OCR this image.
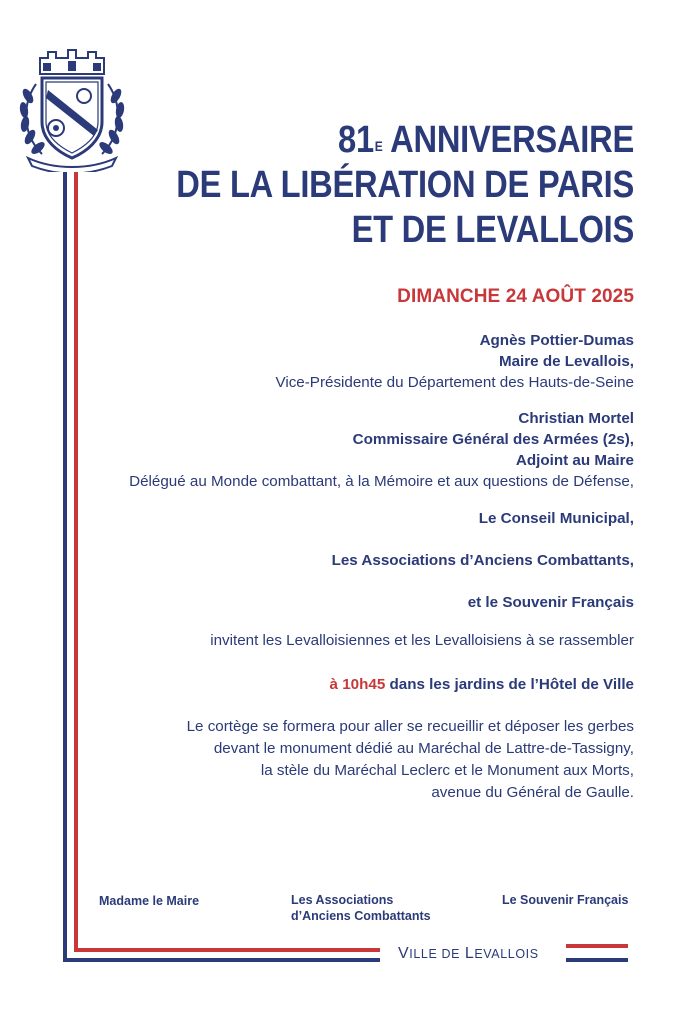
$81^E$ ANNIVERSAIRE
DE LA LIBÉRATION DE PARIS
ET DE LEVALLOIS
DIMANCHE 24 AOÛT 2025
Agnès Pottier-Dumas
Maire de Levallois,
Vice-Présidente du Département des Hauts-de-Seine
Christian Mortel
Commissaire Général des Armées (2s),
Adjoint au Maire
Délégué au Monde combattant, à la Mémoire et aux questions de Défense,
Le Conseil Municipal,
Les Associations d’Anciens Combattants,
et le Souvenir Français
invitent les Levalloisiennes et les Levalloisiens à se rassembler
à 10h45 dans les jardins de l’Hôtel de Ville
Le cortège se formera pour aller se recueillir et déposer les gerbes
devant le monument dédié au Maréchal de Lattre-de-Tassigny,
la stèle du Maréchal Leclerc et le Monument aux Morts,
avenue du Général de Gaulle.
Madame le Maire	Les Associations
d’Anciens Combattants
Le Souvenir Français
VILLE DE LEVALLOIS
